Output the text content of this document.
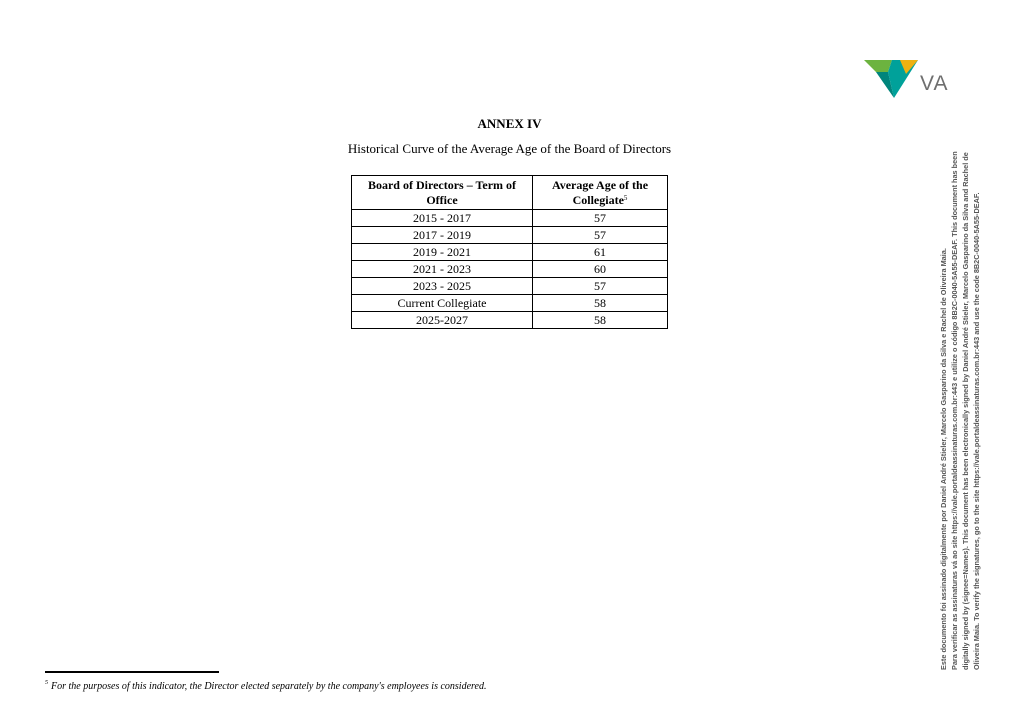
VA
Este documento foi assinado digitalmente por Daniel André Stieler, Marcelo Gasparino da Silva e Rachel de Oliveira Maia. Para verificar as assinaturas vá ao site https://vale.portaldeassinaturas.com.br:443 e utilize o código 8B2C-0040-5A55-DEAF. This document has been digitally signed by (signee=Names). This document has been electronically signed by Daniel André Stieler, Marcelo Gasparino da Silva and Rachel de Oliveira Maia. To verify the signatures, go to the site https://vale.portaldeassinaturas.com.br:443 and use the code 8B2C-0040-5A55-DEAF.
ANNEX IV
Historical Curve of the Average Age of the Board of Directors
Board of Directors – Term of Office	Average Age of the Collegiate$^5$
2015 - 2017	57
2017 - 2019	57
2019 - 2021	61
2021 - 2023	60
2023 - 2025	57
Current Collegiate	58
2025-2027	58
$^5$ For the purposes of this indicator, the Director elected separately by the company's employees is considered.
